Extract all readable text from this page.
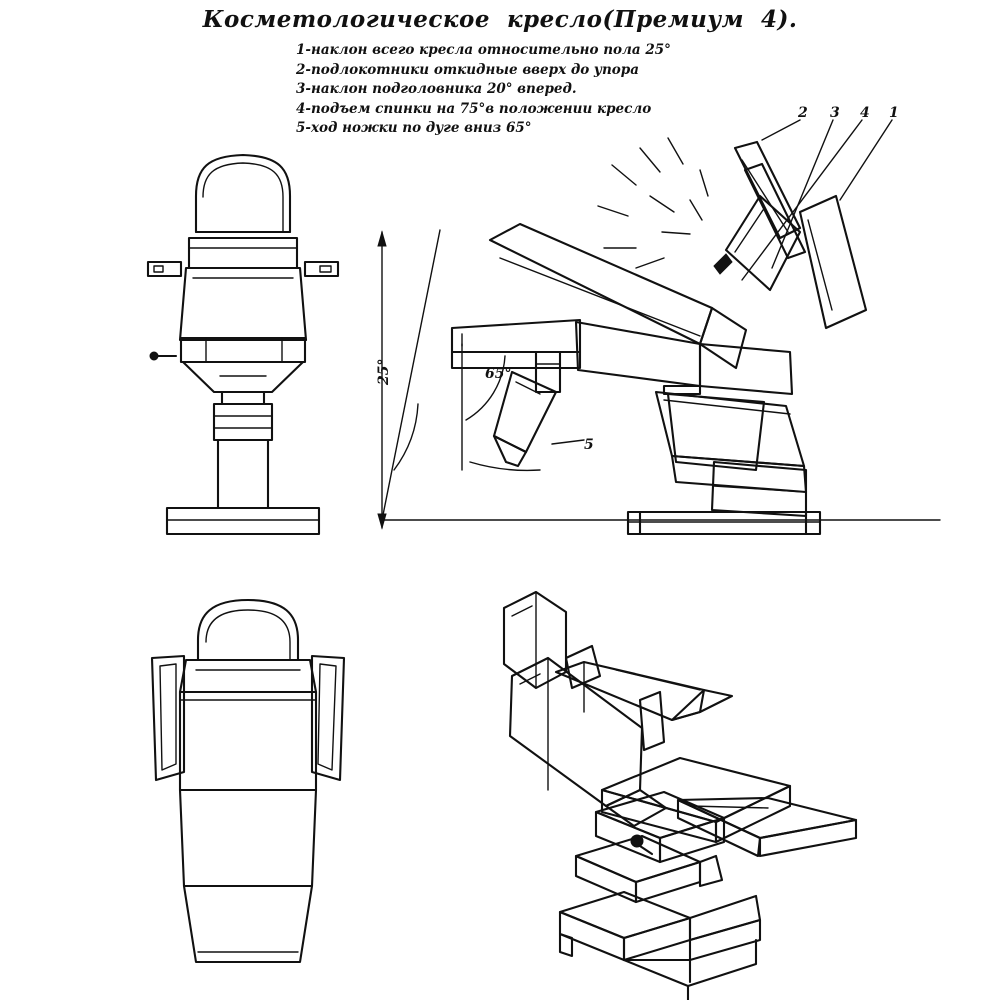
Косметологическое  кресло(Премиум  4).
1-наклон всего кресла относительно пола 25°
2-подлокотники откидные вверх до упора
3-наклон подголовника 20° вперед.
4-подъем спинки на 75°в положении кресло
5-ход ножки по дуге вниз 65°
2 3 4 1
25°	65°
5
